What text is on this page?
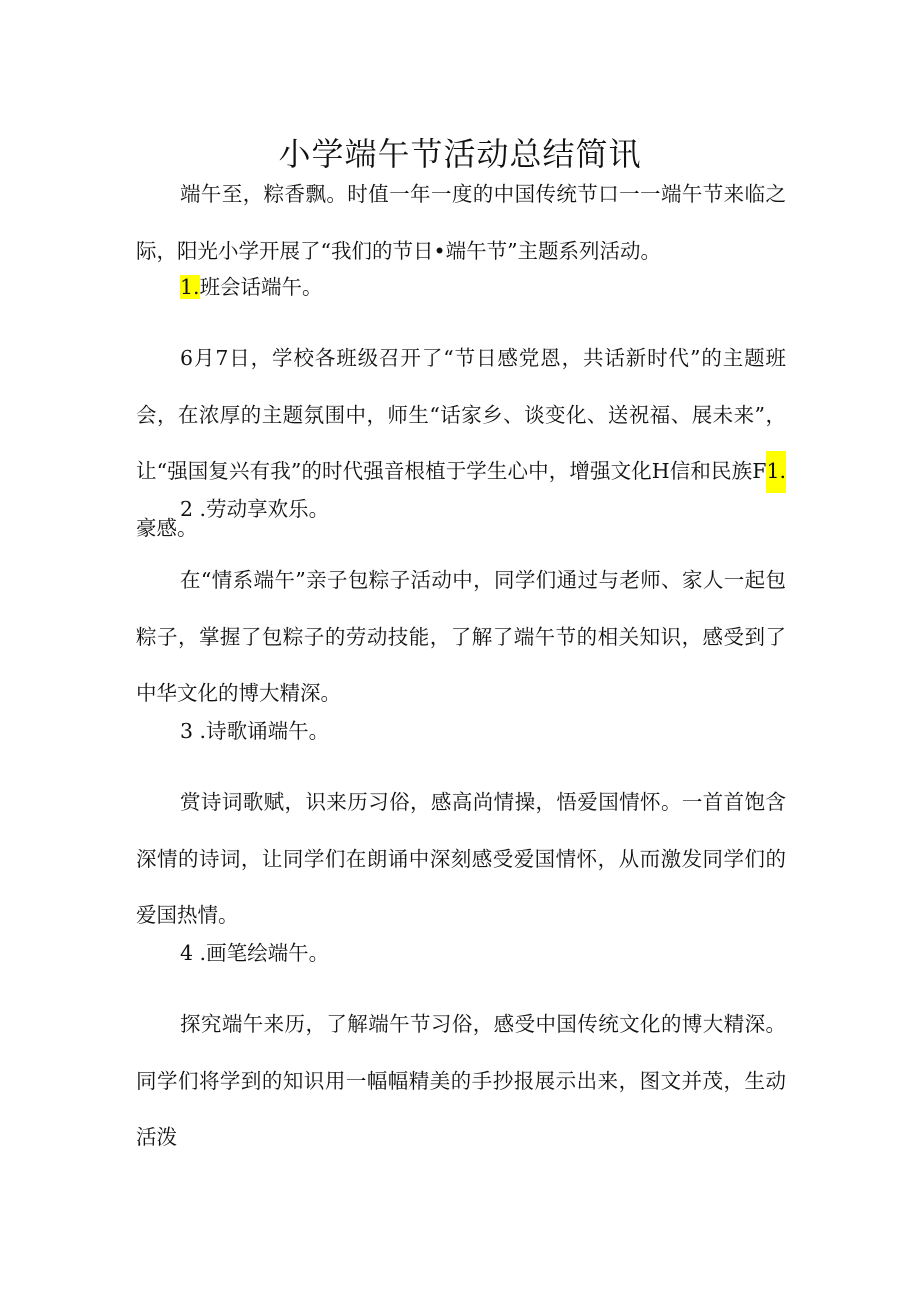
小学端午节活动总结简讯

端午至，粽香飘。时值一年一度的中国传统节口一一端午节来临之际，阳光小学开展了“我们的节日•端午节”主题系列活动。

1.班会话端午。

6月7日，学校各班级召开了“节日感党恩，共话新时代”的主题班会，在浓厚的主题氛围中，师生“话家乡、谈变化、送祝福、展未来”，让“强国复兴有我”的时代强音根植于学生心中，增强文化H信和民族F1.豪感。

2 .劳动享欢乐。

在“情系端午”亲子包粽子活动中，同学们通过与老师、家人一起包粽子，掌握了包粽子的劳动技能，了解了端午节的相关知识，感受到了中华文化的博大精深。

3 .诗歌诵端午。

赏诗词歌赋，识来历习俗，感高尚情操，悟爱国情怀。一首首饱含深情的诗词，让同学们在朗诵中深刻感受爱国情怀，从而激发同学们的爱国热情。

4 .画笔绘端午。

探究端午来历，了解端午节习俗，感受中国传统文化的博大精深。同学们将学到的知识用一幅幅精美的手抄报展示出来，图文并茂，生动活泼
